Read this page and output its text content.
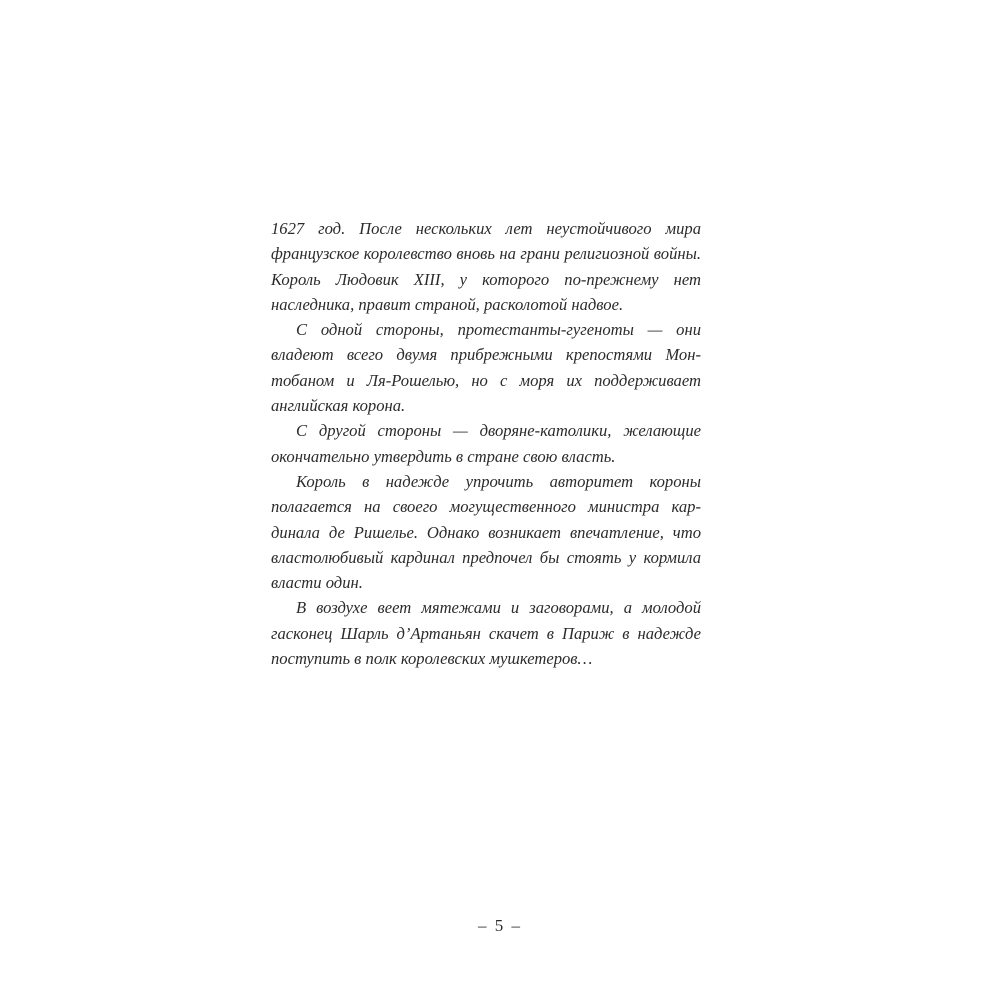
1627 год. После нескольких лет неустойчивого мира французское королевство вновь на грани религиозной войны. Король Людовик XIII, у которого по-прежнему нет наследника, правит страной, расколотой надвое.

С одной стороны, протестанты-гугеноты — они владеют всего двумя прибрежными крепостями Монтобаном и Ля-Рошелью, но с моря их поддерживает английская корона.

С другой стороны — дворяне-католики, желающие окончательно утвердить в стране свою власть.

Король в надежде упрочить авторитет короны полагается на своего могущественного министра кардинала де Ришелье. Однако возникает впечатление, что властолюбивый кардинал предпочел бы стоять у кормила власти один.

В воздухе веет мятежами и заговорами, а молодой гасконец Шарль д’Артаньян скачет в Париж в надежде поступить в полк королевских мушкетеров…

– 5 –
